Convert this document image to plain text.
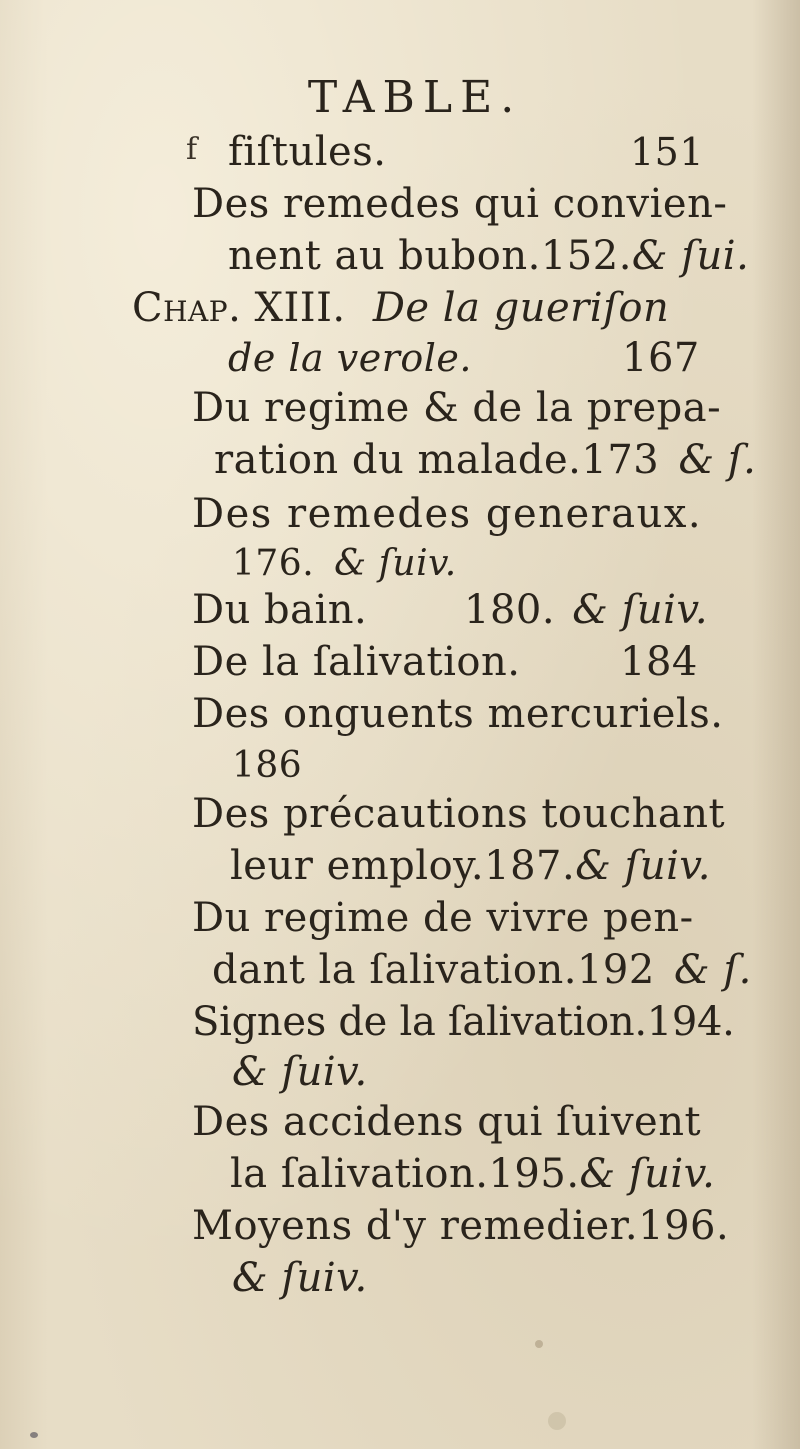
TABLE.
f fiſtules.	151
Des remedes qui convien-
nent au bubon.152.& ſui.
Chap. XIII. De la gueriſon
de la verole.	167
Du regime & de la prepa-
ration du malade.173 & ſ.
Des remedes generaux.
176. & ſuiv.
Du bain. 180. & ſuiv.
De la ſalivation. 184
Des onguents mercuriels.
186
Des précautions touchant
leur employ.187.& ſuiv.
Du regime de vivre pen-
dant la ſalivation.192 & ſ.
Signes de la ſalivation.194.
& ſuiv.
Des accidens qui ſuivent
la ſalivation.195.& ſuiv.
Moyens d'y remedier.196.
& ſuiv.
